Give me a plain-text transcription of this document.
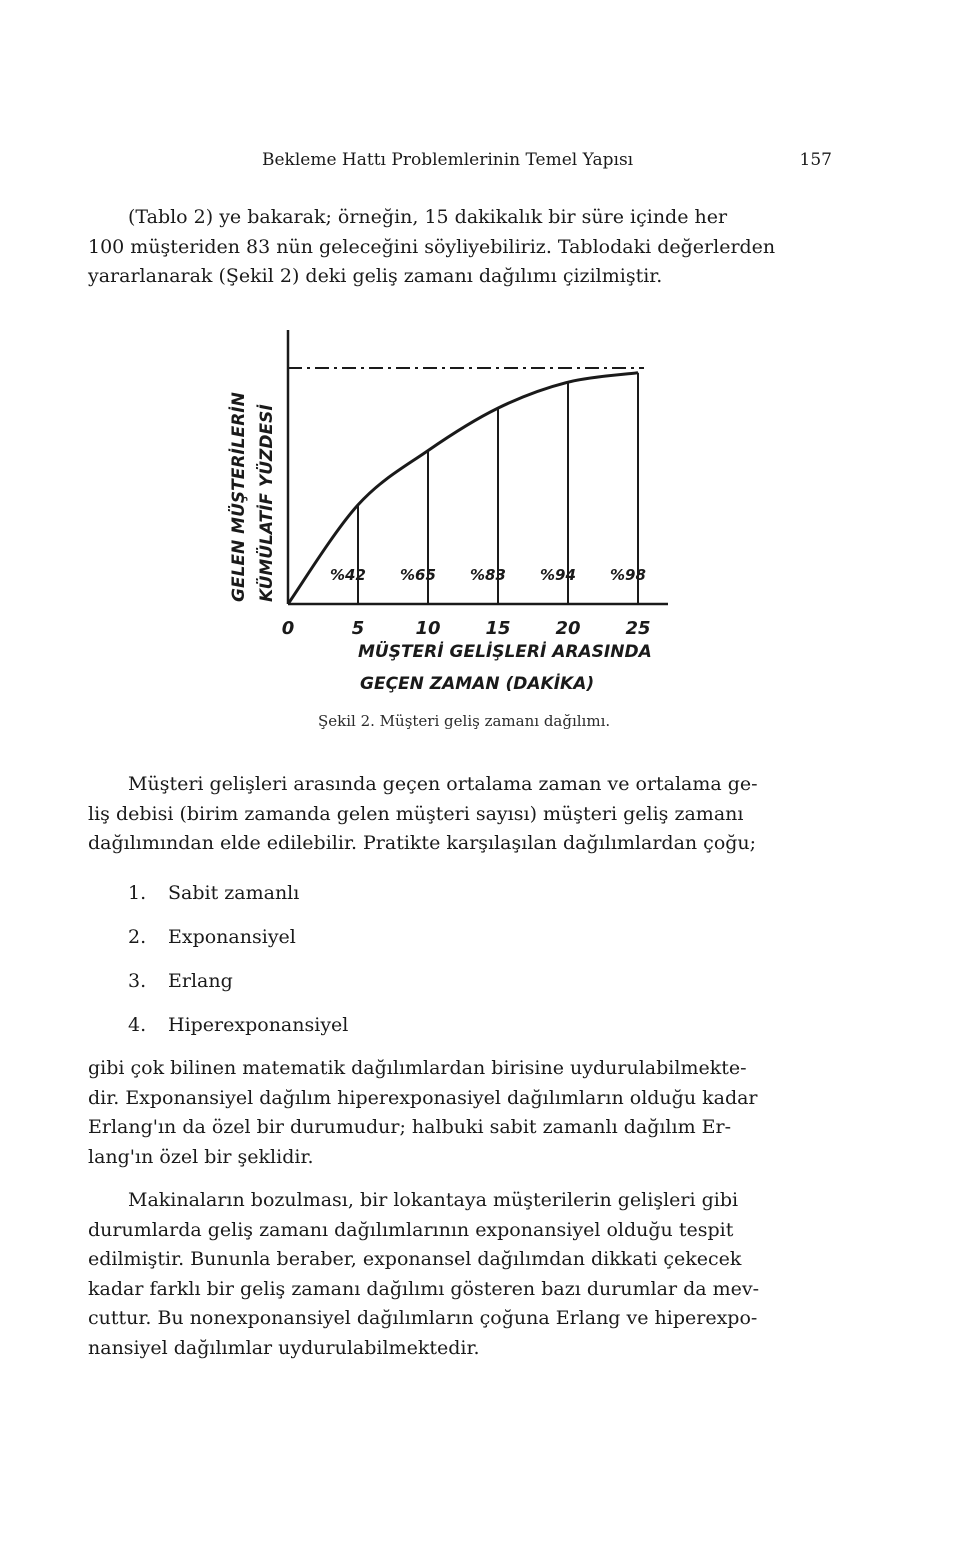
Bekleme Hattı Problemlerinin Temel Yapısı	157

(Tablo 2) ye bakarak; örneğin, 15 dakikalık bir süre içinde her
100 müşteriden 83 nün geleceğini söyliyebiliriz. Tablodaki değerlerden
yararlanarak (Şekil 2) deki geliş zamanı dağılımı çizilmiştir.

GELEN MÜŞTERİLERİN KÜMÜLATİF YÜZDESİ
0
%42
5
%65
10
%83
15
%94
20
%98
25
MÜŞTERİ GELİŞLERİ ARASINDA
GEÇEN ZAMAN (DAKİKA)
Şekil 2. Müşteri geliş zamanı dağılımı.

Müşteri gelişleri arasında geçen ortalama zaman ve ortalama ge-
liş debisi (birim zamanda gelen müşteri sayısı) müşteri geliş zamanı
dağılımından elde edilebilir. Pratikte karşılaşılan dağılımlardan çoğu;

1. Sabit zamanlı
2. Exponansiyel
3. Erlang
4. Hiperexponansiyel

gibi çok bilinen matematik dağılımlardan birisine uydurulabilmekte-
dir. Exponansiyel dağılım hiperexponasiyel dağılımların olduğu kadar
Erlang'ın da özel bir durumudur; halbuki sabit zamanlı dağılım Er-
lang'ın özel bir şeklidir.

Makinaların bozulması, bir lokantaya müşterilerin gelişleri gibi
durumlarda geliş zamanı dağılımlarının exponansiyel olduğu tespit
edilmiştir. Bununla beraber, exponansel dağılımdan dikkati çekecek
kadar farklı bir geliş zamanı dağılımı gösteren bazı durumlar da mev-
cuttur. Bu nonexponansiyel dağılımların çoğuna Erlang ve hiperexpo-
nansiyel dağılımlar uydurulabilmektedir.
